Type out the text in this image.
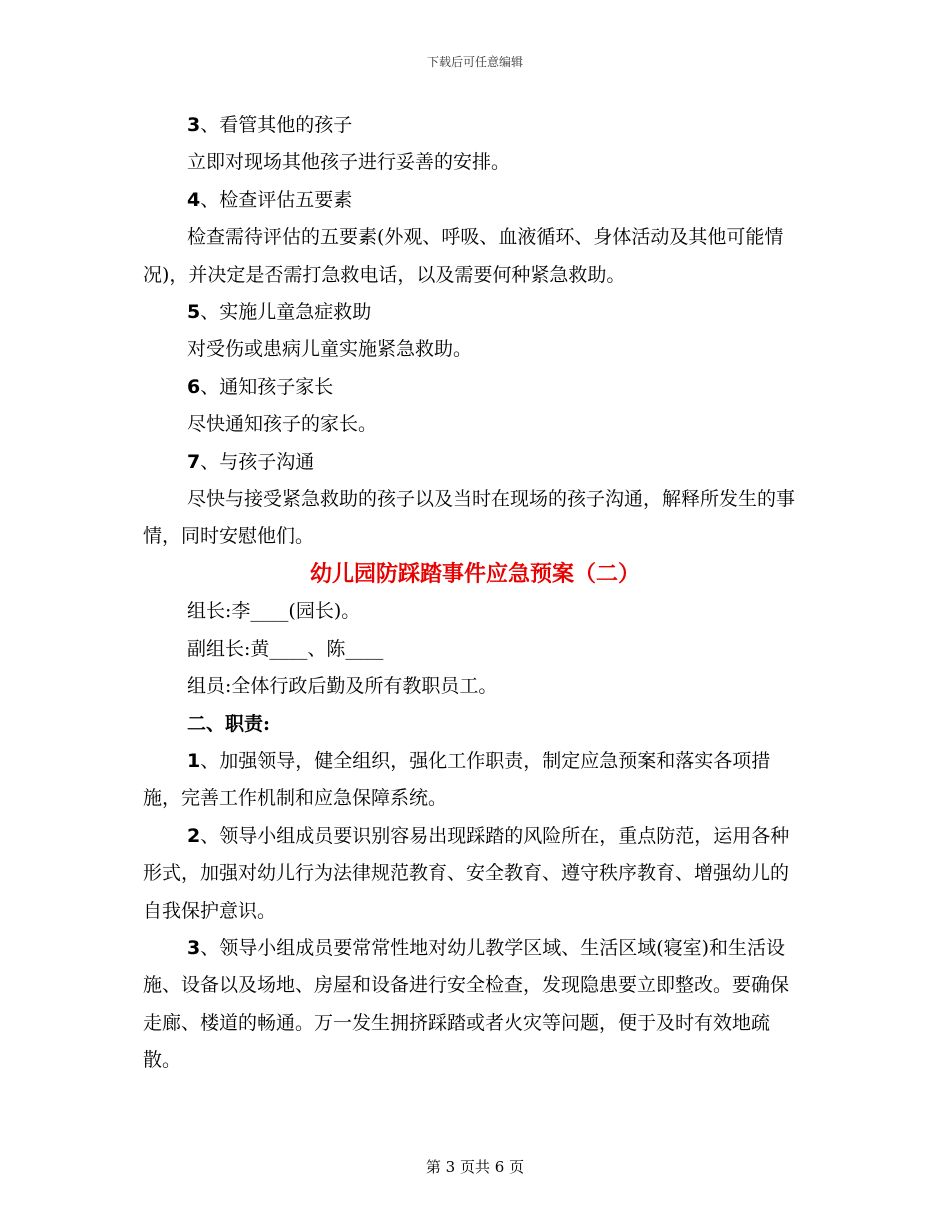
下载后可任意编辑

3、看管其他的孩子

立即对现场其他孩子进行妥善的安排。

4、检查评估五要素

检查需待评估的五要素(外观、呼吸、血液循环、身体活动及其他可能情况)，并决定是否需打急救电话，以及需要何种紧急救助。

5、实施儿童急症救助

对受伤或患病儿童实施紧急救助。

6、通知孩子家长

尽快通知孩子的家长。

7、与孩子沟通

尽快与接受紧急救助的孩子以及当时在现场的孩子沟通，解释所发生的事情，同时安慰他们。

幼儿园防踩踏事件应急预案（二）

组长:李____(园长)。

副组长:黄____、陈____

组员:全体行政后勤及所有教职员工。

二、职责:

1、加强领导，健全组织，强化工作职责，制定应急预案和落实各项措施，完善工作机制和应急保障系统。

2、领导小组成员要识别容易出现踩踏的风险所在，重点防范，运用各种形式，加强对幼儿行为法律规范教育、安全教育、遵守秩序教育、增强幼儿的自我保护意识。

3、领导小组成员要常常性地对幼儿教学区域、生活区域(寝室)和生活设施、设备以及场地、房屋和设备进行安全检查，发现隐患要立即整改。要确保走廊、楼道的畅通。万一发生拥挤踩踏或者火灾等问题，便于及时有效地疏散。

第 3 页共 6 页
